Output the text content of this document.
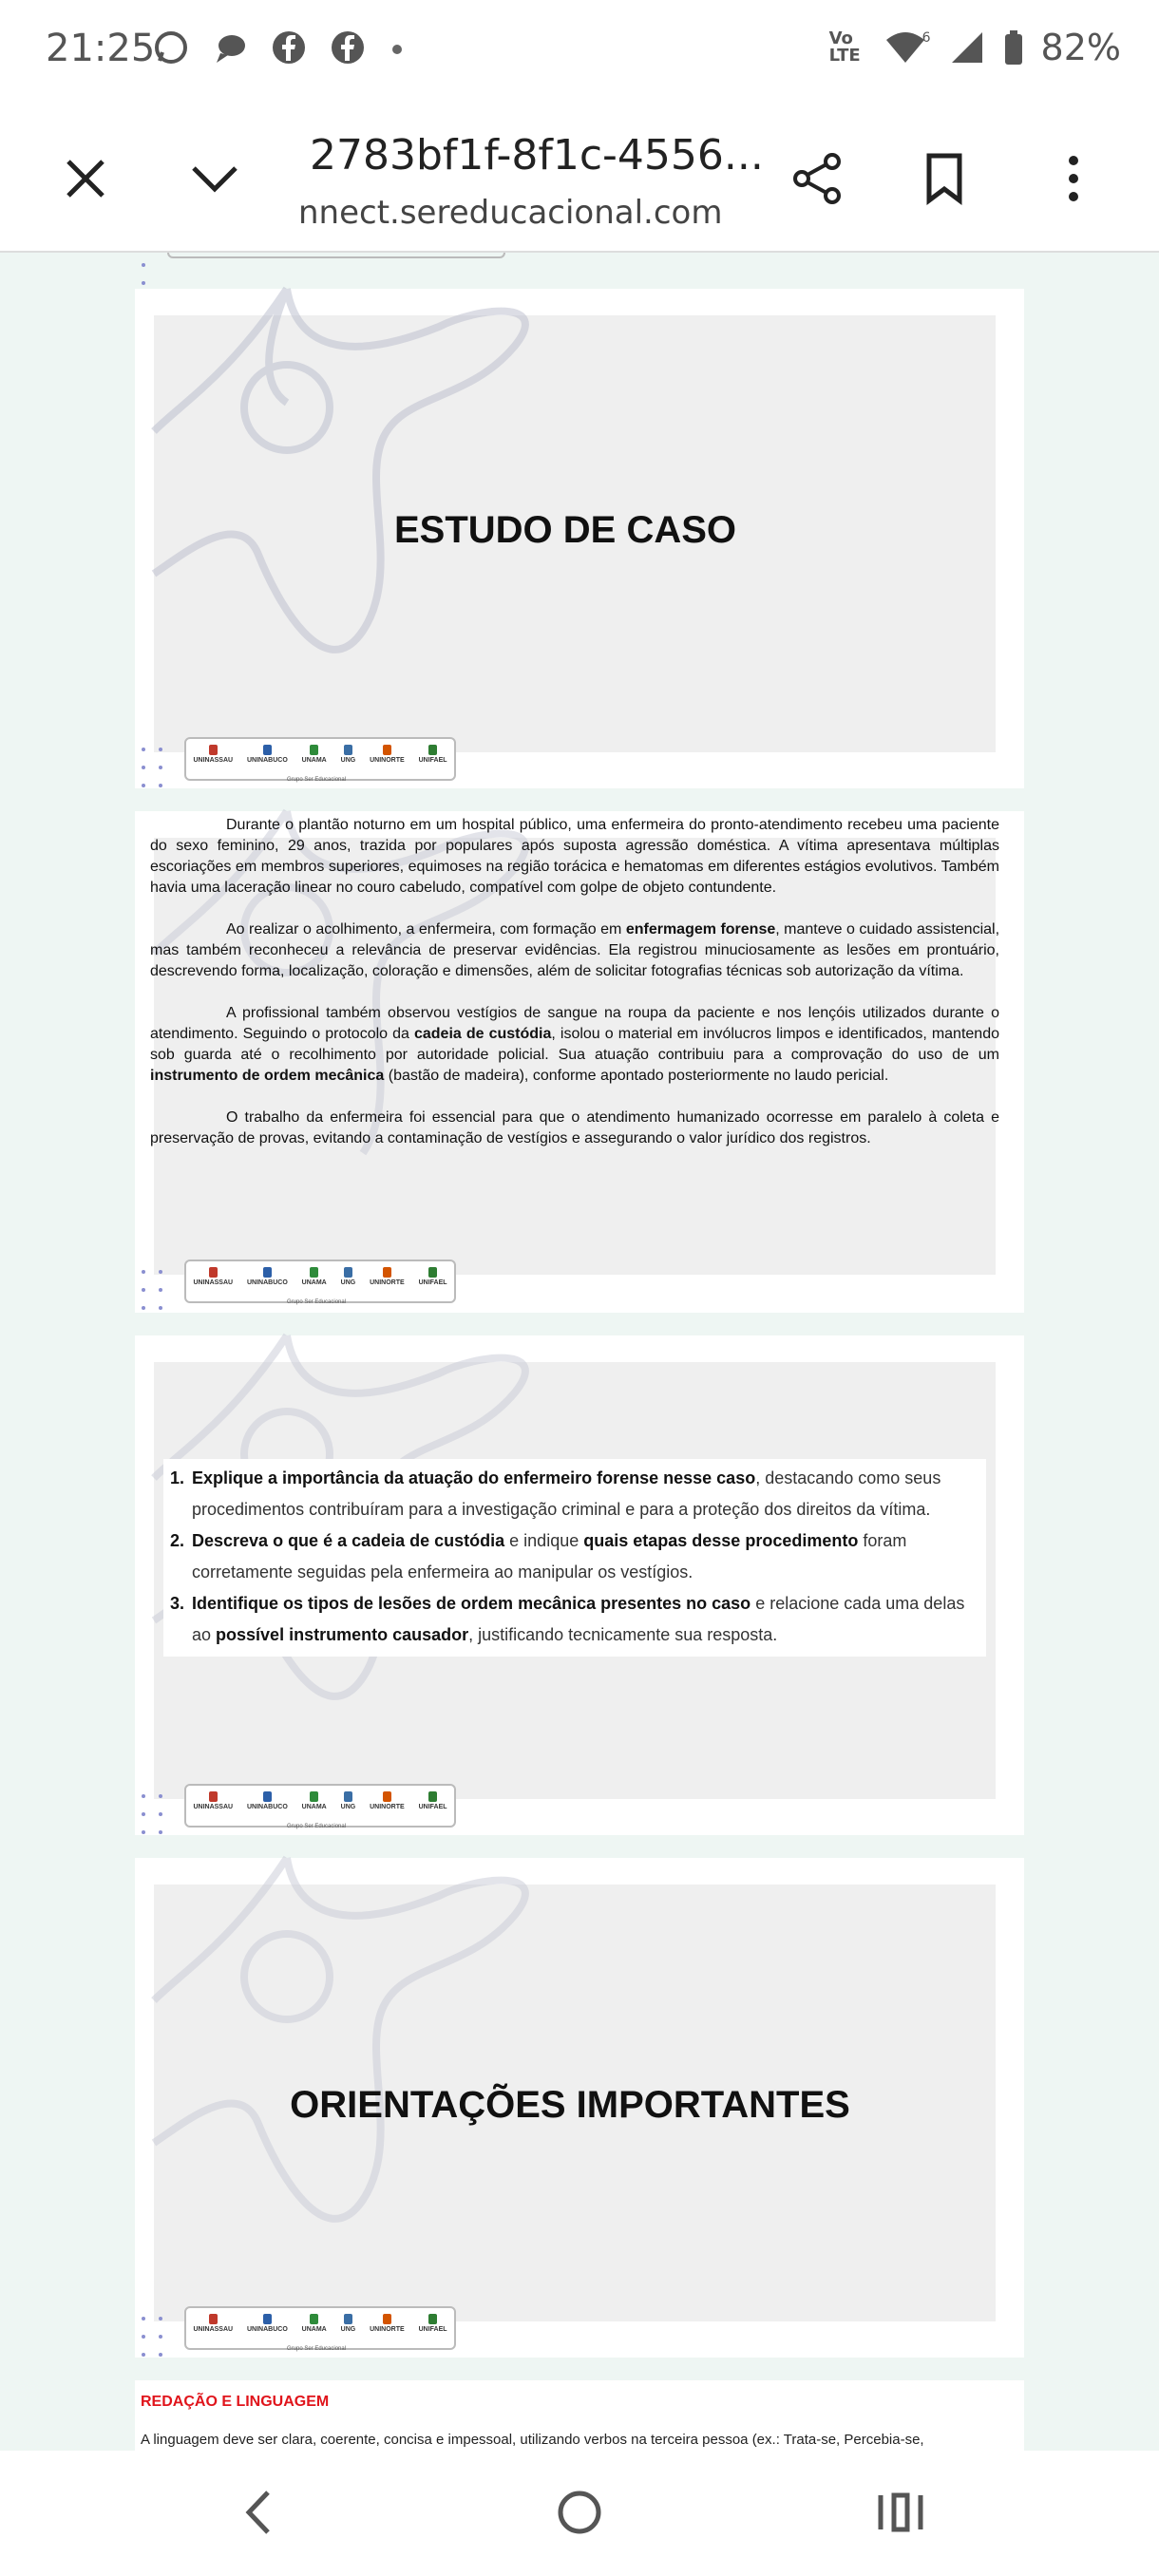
21:25	Vo LTE
6	82%
2783bf1f-8f1c-4556...
nnect.sereducacional.com
ESTUDO DE CASO
UNINASSAU UNINABUCO UNAMA UNG UNINORTE UNIFAEL
Grupo Ser Educacional

Durante o plantão noturno em um hospital público, uma enfermeira do pronto-atendimento recebeu uma paciente do sexo feminino, 29 anos, trazida por populares após suposta agressão doméstica. A vítima apresentava múltiplas escoriações em membros superiores, equimoses na região torácica e hematomas em diferentes estágios evolutivos. Também havia uma laceração linear no couro cabeludo, compatível com golpe de objeto contundente.

Ao realizar o acolhimento, a enfermeira, com formação em enfermagem forense, manteve o cuidado assistencial, mas também reconheceu a relevância de preservar evidências. Ela registrou minuciosamente as lesões em prontuário, descrevendo forma, localização, coloração e dimensões, além de solicitar fotografias técnicas sob autorização da vítima.

A profissional também observou vestígios de sangue na roupa da paciente e nos lençóis utilizados durante o atendimento. Seguindo o protocolo da cadeia de custódia, isolou o material em invólucros limpos e identificados, mantendo sob guarda até o recolhimento por autoridade policial. Sua atuação contribuiu para a comprovação do uso de um instrumento de ordem mecânica (bastão de madeira), conforme apontado posteriormente no laudo pericial.

O trabalho da enfermeira foi essencial para que o atendimento humanizado ocorresse em paralelo à coleta e preservação de provas, evitando a contaminação de vestígios e assegurando o valor jurídico dos registros.

UNINASSAU UNINABUCO UNAMA UNG UNINORTE UNIFAEL
Grupo Ser Educacional
1. Explique a importância da atuação do enfermeiro forense nesse caso, destacando como seus procedimentos contribuíram para a investigação criminal e para a proteção dos direitos da vítima.
2. Descreva o que é a cadeia de custódia e indique quais etapas desse procedimento foram corretamente seguidas pela enfermeira ao manipular os vestígios.
3. Identifique os tipos de lesões de ordem mecânica presentes no caso e relacione cada uma delas ao possível instrumento causador, justificando tecnicamente sua resposta.
UNINASSAU UNINABUCO UNAMA UNG UNINORTE UNIFAEL
Grupo Ser Educacional
ORIENTAÇÕES IMPORTANTES
UNINASSAU UNINABUCO UNAMA UNG UNINORTE UNIFAEL
Grupo Ser Educacional
REDAÇÃO E LINGUAGEM
A linguagem deve ser clara, coerente, concisa e impessoal, utilizando verbos na terceira pessoa (ex.: Trata-se, Percebia-se,
